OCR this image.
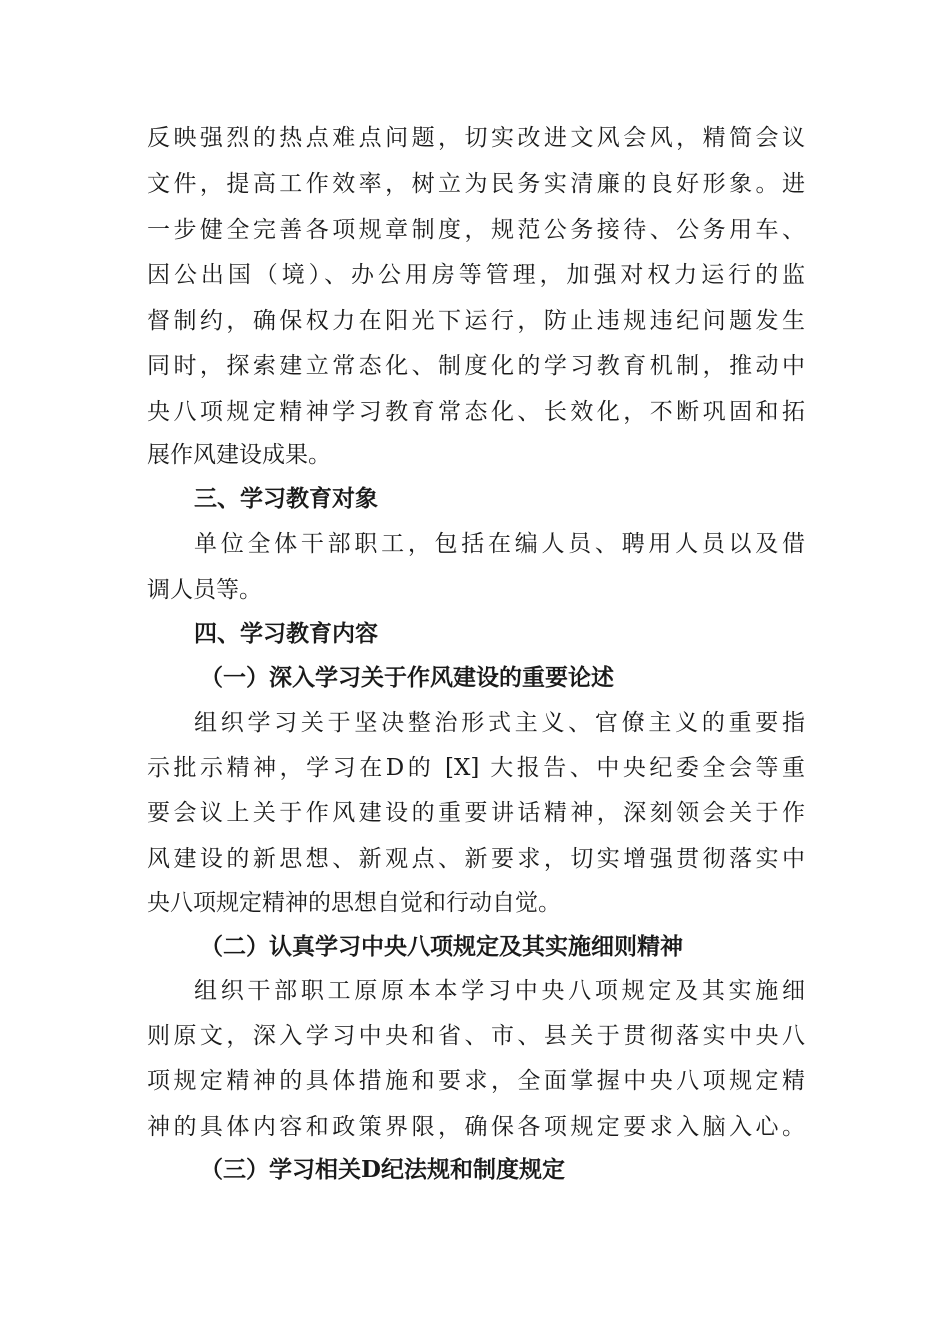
反映强烈的热点难点问题，切实改进文风会风，精简会议
文件，提高工作效率，树立为民务实清廉的良好形象。进
一步健全完善各项规章制度，规范公务接待、公务用车、
因公出国（境）、办公用房等管理，加强对权力运行的监
督制约，确保权力在阳光下运行，防止违规违纪问题发生
同时，探索建立常态化、制度化的学习教育机制，推动中
央八项规定精神学习教育常态化、长效化，不断巩固和拓
展作风建设成果。
三、学习教育对象
单位全体干部职工，包括在编人员、聘用人员以及借
调人员等。
四、学习教育内容
（一）深入学习关于作风建设的重要论述
组织学习关于坚决整治形式主义、官僚主义的重要指
示批示精神，学习在D的 [X] 大报告、中央纪委全会等重
要会议上关于作风建设的重要讲话精神，深刻领会关于作
风建设的新思想、新观点、新要求，切实增强贯彻落实中
央八项规定精神的思想自觉和行动自觉。
（二）认真学习中央八项规定及其实施细则精神
组织干部职工原原本本学习中央八项规定及其实施细
则原文，深入学习中央和省、市、县关于贯彻落实中央八
项规定精神的具体措施和要求，全面掌握中央八项规定精
神的具体内容和政策界限，确保各项规定要求入脑入心。
（三）学习相关D纪法规和制度规定
